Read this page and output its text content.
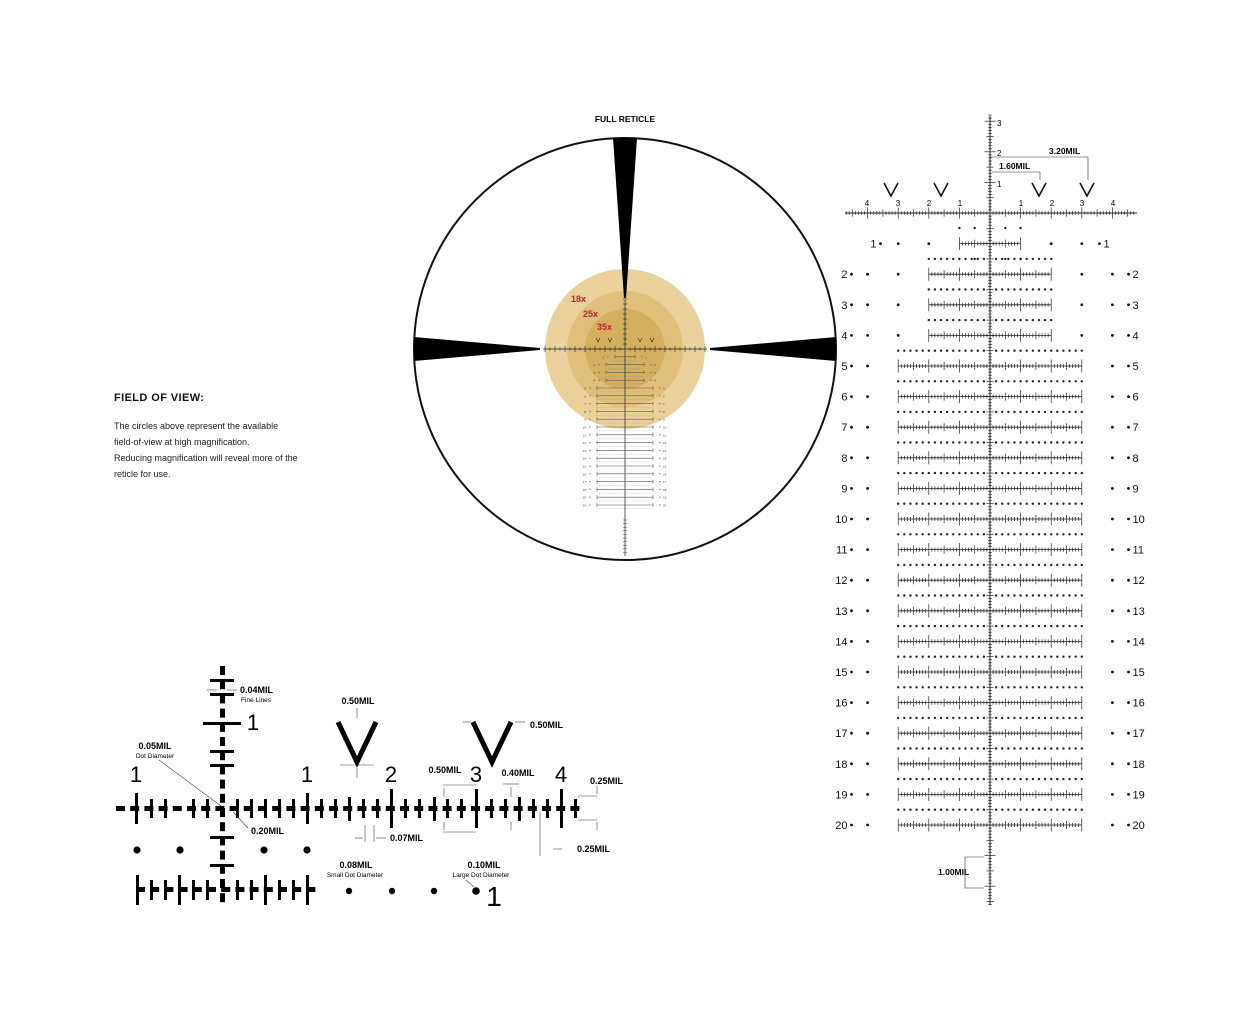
FULL RETICLE
1	1
2	2
3	3
4	4
5	5
6	6
7	7
8	8
9	9
10	10
11	11
12	12
13	13
14	14
15	15
16	16
17	17
18	18
19	19
20	20
18x
25x
35x
1	1
2	2
3	3
4	4
5	5
6	6
7	7
8	8
9	9
10	10
11	11
12	12
13	13
14	14
15	15
16	16
17	17
18	18
19	19
20	20
3
2
1
4	3	2	1	1	2	3	4
3.20MIL
1.60MIL
1.00MIL
1	1	2	3	4
1
1
0.04MIL
Fine Lines
0.05MIL
Dot Diameter
0.50MIL
0.50MIL
0.50MIL	0.40MIL
0.25MIL
0.25MIL
0.20MIL
0.07MIL
0.08MIL
Small Dot Diameter
0.10MIL
Large Dot Diameter
FIELD OF VIEW:

The circles above represent the available

field-of-view at high magnification.

Reducing magnification will reveal more of the

reticle for use.
